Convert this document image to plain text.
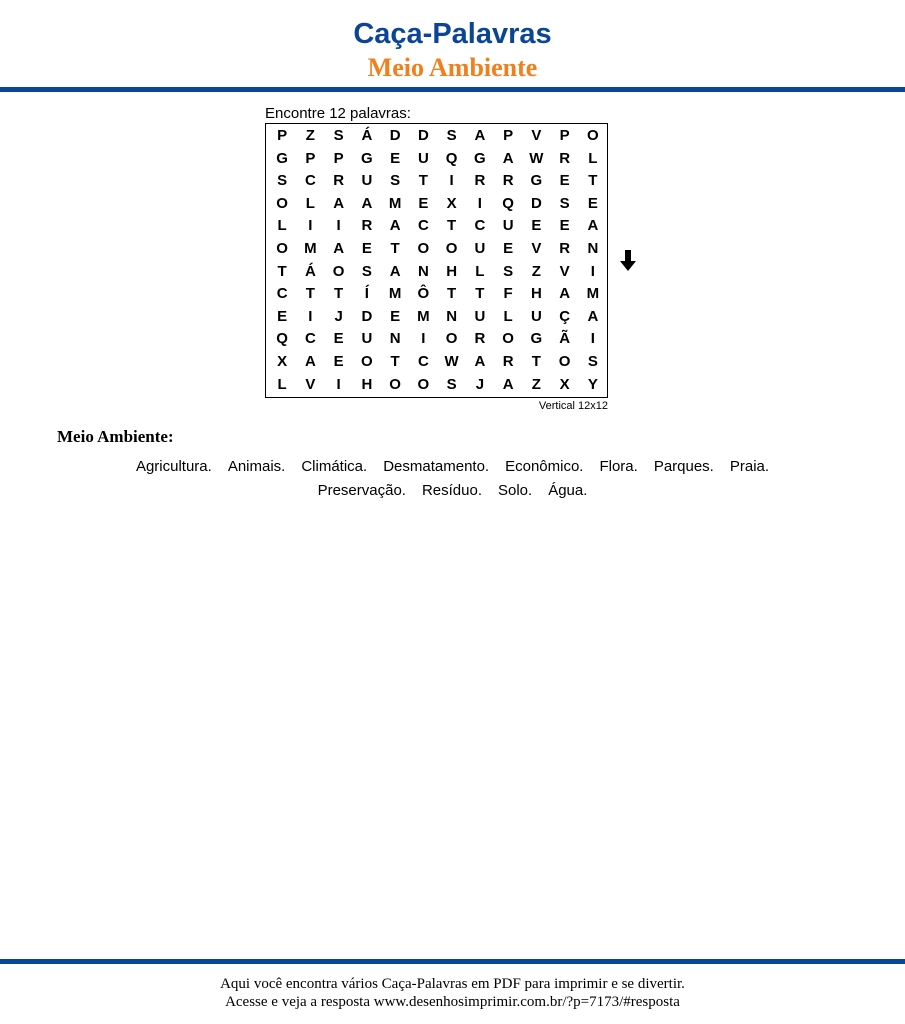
Caça-Palavras
Meio Ambiente
Encontre 12 palavras:
P	Z	S	Á	D	D	S	A	P	V	P	O
G	P	P	G	E	U	Q	G	A	W	R	L
S	C	R	U	S	T	I	R	R	G	E	T
O	L	A	A	M	E	X	I	Q	D	S	E
L	I	I	R	A	C	T	C	U	E	E	A
O	M	A	E	T	O	O	U	E	V	R	N
T	Á	O	S	A	N	H	L	S	Z	V	I
C	T	T	Í	M	Ô	T	T	F	H	A	M
E	I	J	D	E	M	N	U	L	U	Ç	A
Q	C	E	U	N	I	O	R	O	G	Ã	I
X	A	E	O	T	C	W	A	R	T	O	S
L	V	I	H	O	O	S	J	A	Z	X	Y
Vertical 12x12
Meio Ambiente:
Agricultura. Animais. Climática. Desmatamento. Econômico. Flora. Parques. Praia.
Preservação. Resíduo. Solo. Água.
Aqui você encontra vários Caça-Palavras em PDF para imprimir e se divertir.
Acesse e veja a resposta www.desenhosimprimir.com.br/?p=7173/#resposta
